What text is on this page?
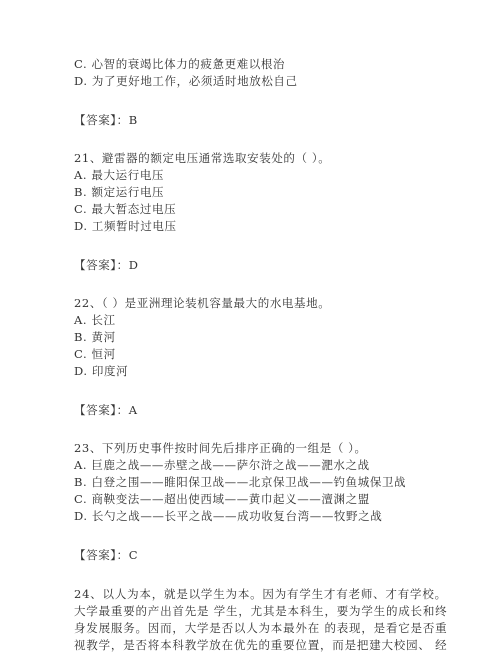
C. 心智的衰竭比体力的疲惫更难以根治
D. 为了更好地工作，必须适时地放松自己
【答案】：B
21、避雷器的额定电压通常选取安装处的（ ）。
A. 最大运行电压
B. 额定运行电压
C. 最大暂态过电压
D. 工频暂时过电压
【答案】：D
22、（ ）是亚洲理论装机容量最大的水电基地。
A. 长江
B. 黄河
C. 恒河
D. 印度河
【答案】：A
23、下列历史事件按时间先后排序正确的一组是（ ）。
A. 巨鹿之战——赤壁之战——萨尔浒之战——淝水之战
B. 白登之围——睢阳保卫战——北京保卫战——钓鱼城保卫战
C. 商鞅变法——超出使西域——黄巾起义——澶渊之盟
D. 长勺之战——长平之战——成功收复台湾——牧野之战
【答案】：C
24、以人为本，就是以学生为本。因为有学生才有老师、才有学校。
大学最重要的产出首先是 学生，尤其是本科生，要为学生的成长和终
身发展服务。因而，大学是否以人为本最外在 的表现，是看它是否重
视教学，是否将本科教学放在优先的重要位置，而是把建大校园、 经
